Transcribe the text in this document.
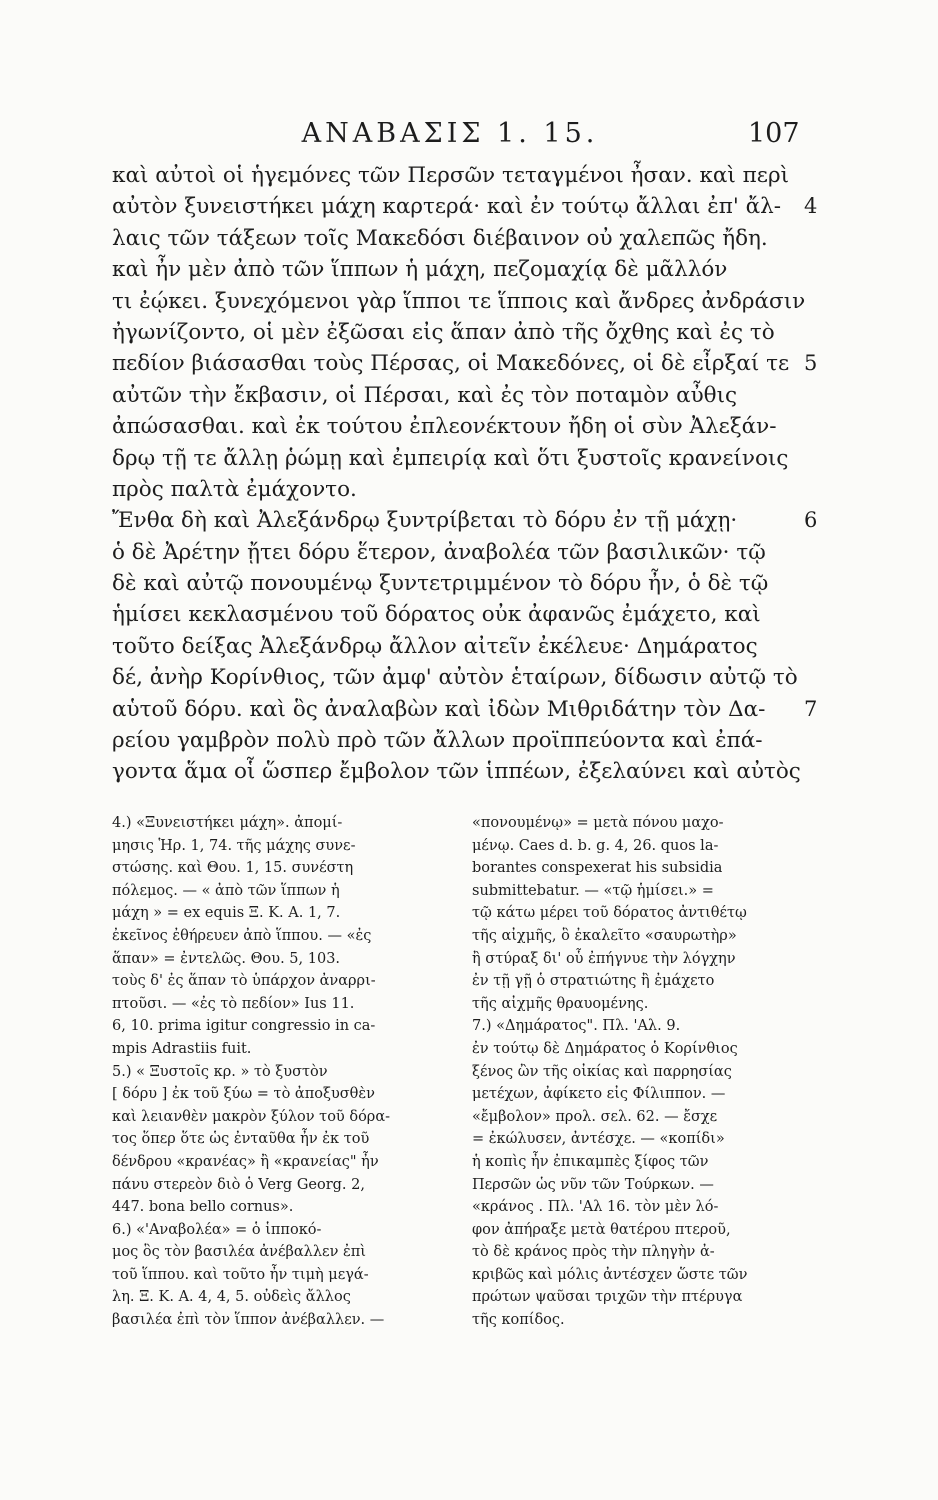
ΑΝΑΒΑΣΙΣ 1. 15.	107
καὶ αὐτοὶ οἱ ἡγεμόνες τῶν Περσῶν τεταγμένοι ἦσαν. καὶ περὶ
αὐτὸν ξυνειστήκει μάχη καρτερά· καὶ ἐν τούτῳ ἄλλαι ἐπ' ἄλ- 4
λαις τῶν τάξεων τοῖς Μακεδόσι διέβαινον οὐ χαλεπῶς ἤδη.
καὶ ἦν μὲν ἀπὸ τῶν ἵππων ἡ μάχη, πεζομαχίᾳ δὲ μᾶλλόν
τι ἐῴκει. ξυνεχόμενοι γὰρ ἵπποι τε ἵπποις καὶ ἄνδρες ἀνδράσιν
ἠγωνίζοντο, οἱ μὲν ἐξῶσαι εἰς ἅπαν ἀπὸ τῆς ὄχθης καὶ ἐς τὸ
πεδίον βιάσασθαι τοὺς Πέρσας, οἱ Μακεδόνες, οἱ δὲ εἶρξαί τε 5
αὐτῶν τὴν ἔκβασιν, οἱ Πέρσαι, καὶ ἐς τὸν ποταμὸν αὖθις
ἀπώσασθαι. καὶ ἐκ τούτου ἐπλεονέκτουν ἤδη οἱ σὺν Ἀλεξάν-
δρῳ τῇ τε ἄλλῃ ῥώμῃ καὶ ἐμπειρίᾳ καὶ ὅτι ξυστοῖς κρανείνοις
πρὸς παλτὰ ἐμάχοντο.
Ἔνθα δὴ καὶ Ἀλεξάνδρῳ ξυντρίβεται τὸ δόρυ ἐν τῇ μάχῃ·	6
ὁ δὲ Ἀρέτην ᾔτει δόρυ ἕτερον, ἀναβολέα τῶν βασιλικῶν· τῷ
δὲ καὶ αὐτῷ πονουμένῳ ξυντετριμμένον τὸ δόρυ ἦν, ὁ δὲ τῷ
ἡμίσει κεκλασμένου τοῦ δόρατος οὐκ ἀφανῶς ἐμάχετο, καὶ
τοῦτο δείξας Ἀλεξάνδρῳ ἄλλον αἰτεῖν ἐκέλευε· Δημάρατος
δέ, ἀνὴρ Κορίνθιος, τῶν ἀμφ' αὐτὸν ἑταίρων, δίδωσιν αὐτῷ τὸ
αὑτοῦ δόρυ. καὶ ὃς ἀναλαβὼν καὶ ἰδὼν Μιθριδάτην τὸν Δα- 7
ρείου γαμβρὸν πολὺ πρὸ τῶν ἄλλων προϊππεύοντα καὶ ἐπά-
γοντα ἅμα οἷ ὥσπερ ἔμβολον τῶν ἱππέων, ἐξελαύνει καὶ αὐτὸς
4.) «Ξυνειστήκει μάχη». ἀπομί-
μησις Ἡρ. 1, 74. τῆς μάχης συνε-
στώσης. καὶ Θου. 1, 15. συνέστη
πόλεμος. — « ἀπὸ τῶν ἵππων ἡ
μάχη » = ex equis Ξ. Κ. Α. 1, 7.
ἐκεῖνος ἐθήρευεν ἀπὸ ἵππου. — «ἐς
ἅπαν» = ἐντελῶς. Θου. 5, 103.
τοὺς δ' ἐς ἅπαν τὸ ὑπάρχον ἀναρρι-
πτοῦσι. — «ἐς τὸ πεδίον» Ius 11.
6, 10. prima igitur congressio in ca-
mpis Adrastiis fuit.
5.) « Ξυστοῖς κρ. » τὸ ξυστὸν
[ δόρυ ] ἐκ τοῦ ξύω = τὸ ἀποξυσθὲν
καὶ λειανθὲν μακρὸν ξύλον τοῦ δόρα-
τος ὅπερ ὅτε ὡς ἐνταῦθα ἦν ἐκ τοῦ
δένδρου «κρανέας» ἢ «κρανείας" ἦν
πάνυ στερεὸν διὸ ὁ Verg Georg. 2,
447. bona bello cornus».
6.) «'Αναβολέα» = ὁ ἱπποκό-
μος ὃς τὸν βασιλέα ἀνέβαλλεν ἐπὶ
τοῦ ἵππου. καὶ τοῦτο ἦν τιμὴ μεγά-
λη. Ξ. Κ. Α. 4, 4, 5. οὐδεὶς ἄλλος
βασιλέα ἐπὶ τὸν ἵππον ἀνέβαλλεν. —
«πονουμένῳ» = μετὰ πόνου μαχο-
μένῳ. Caes d. b. g. 4, 26. quos la-
borantes conspexerat his subsidia
submittebatur. — «τῷ ἡμίσει.» =
τῷ κάτω μέρει τοῦ δόρατος ἀντιθέτῳ
τῆς αἰχμῆς, ὃ ἐκαλεῖτο «σαυρωτὴρ»
ἢ στύραξ δι' οὗ ἐπήγνυε τὴν λόγχην
ἐν τῇ γῇ ὁ στρατιώτης ἢ ἐμάχετο
τῆς αἰχμῆς θραυομένης.
7.) «Δημάρατος". Πλ. 'Αλ. 9.
ἐν τούτῳ δὲ Δημάρατος ὁ Κορίνθιος
ξένος ὢν τῆς οἰκίας καὶ παρρησίας
μετέχων, ἀφίκετο εἰς Φίλιππον. —
«ἔμβολον» προλ. σελ. 62. — ἔσχε
= ἐκώλυσεν, ἀντέσχε. — «κοπίδι»
ἡ κοπὶς ἦν ἐπικαμπὲς ξίφος τῶν
Περσῶν ὡς νῦν τῶν Τούρκων. —
«κράνος . Πλ. 'Αλ 16. τὸν μὲν λό-
φον ἀπήραξε μετὰ θατέρου πτεροῦ,
τὸ δὲ κράνος πρὸς τὴν πληγὴν ἀ-
κριβῶς καὶ μόλις ἀντέσχεν ὥστε τῶν
πρώτων ψαῦσαι τριχῶν τὴν πτέρυγα
τῆς κοπίδος.
